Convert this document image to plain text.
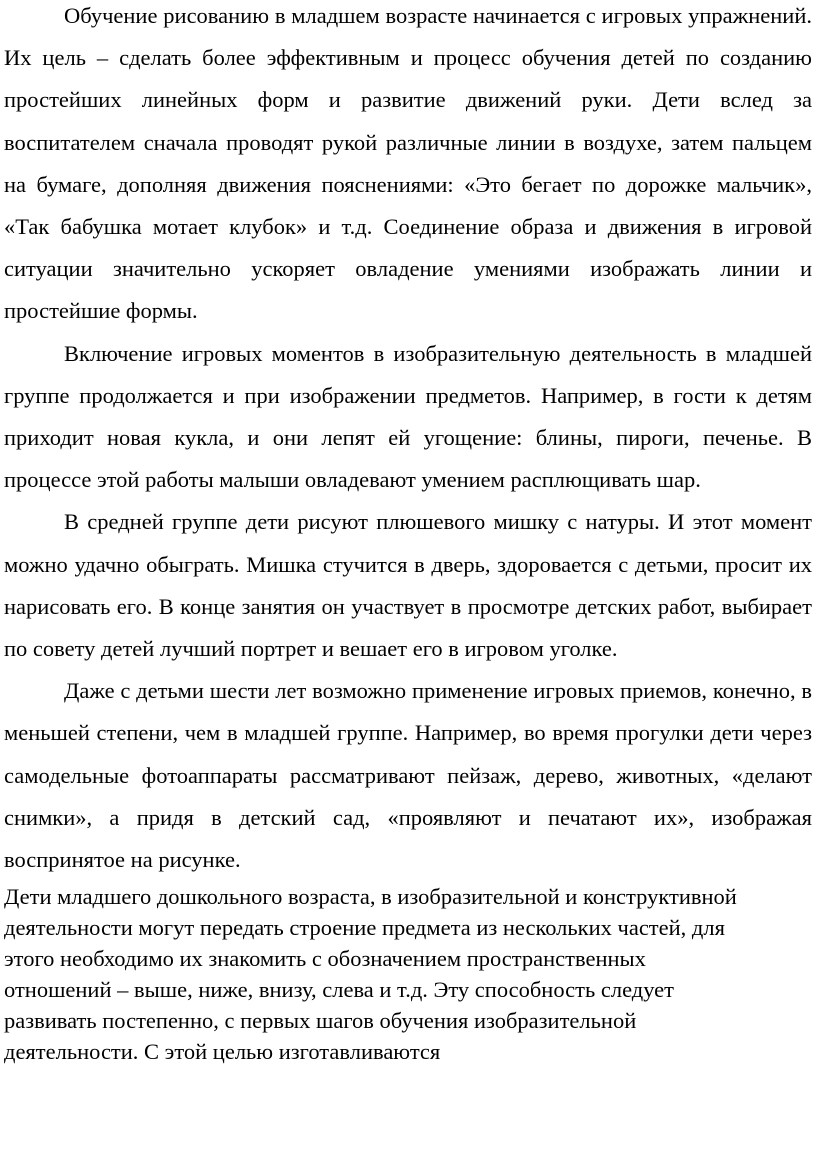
Обучение рисованию в младшем возрасте начинается с игровых упражнений. Их цель – сделать более эффективным и процесс обучения детей по созданию простейших линейных форм и развитие движений руки. Дети вслед за воспитателем сначала проводят рукой различные линии в воздухе, затем пальцем на бумаге, дополняя движения пояснениями: «Это бегает по дорожке мальчик», «Так бабушка мотает клубок» и т.д. Соединение образа и движения в игровой ситуации значительно ускоряет овладение умениями изображать линии и простейшие формы.

Включение игровых моментов в изобразительную деятельность в младшей группе продолжается и при изображении предметов. Например, в гости к детям приходит новая кукла, и они лепят ей угощение: блины, пироги, печенье. В процессе этой работы малыши овладевают умением расплющивать шар.

В средней группе дети рисуют плюшевого мишку с натуры. И этот момент можно удачно обыграть. Мишка стучится в дверь, здоровается с детьми, просит их нарисовать его. В конце занятия он участвует в просмотре детских работ, выбирает по совету детей лучший портрет и вешает его в игровом уголке.

Даже с детьми шести лет возможно применение игровых приемов, конечно, в меньшей степени, чем в младшей группе. Например, во время прогулки дети через самодельные фотоаппараты рассматривают пейзаж, дерево, животных, «делают снимки», а придя в детский сад, «проявляют и печатают их», изображая воспринятое на рисунке.

Дети младшего дошкольного возраста, в изобразительной и конструктивной
деятельности могут передать строение предмета из нескольких частей, для
этого необходимо их знакомить с обозначением пространственных
отношений – выше, ниже, внизу, слева и т.д. Эту способность следует
развивать постепенно, с первых шагов обучения изобразительной
деятельности. С этой целью изготавливаются
